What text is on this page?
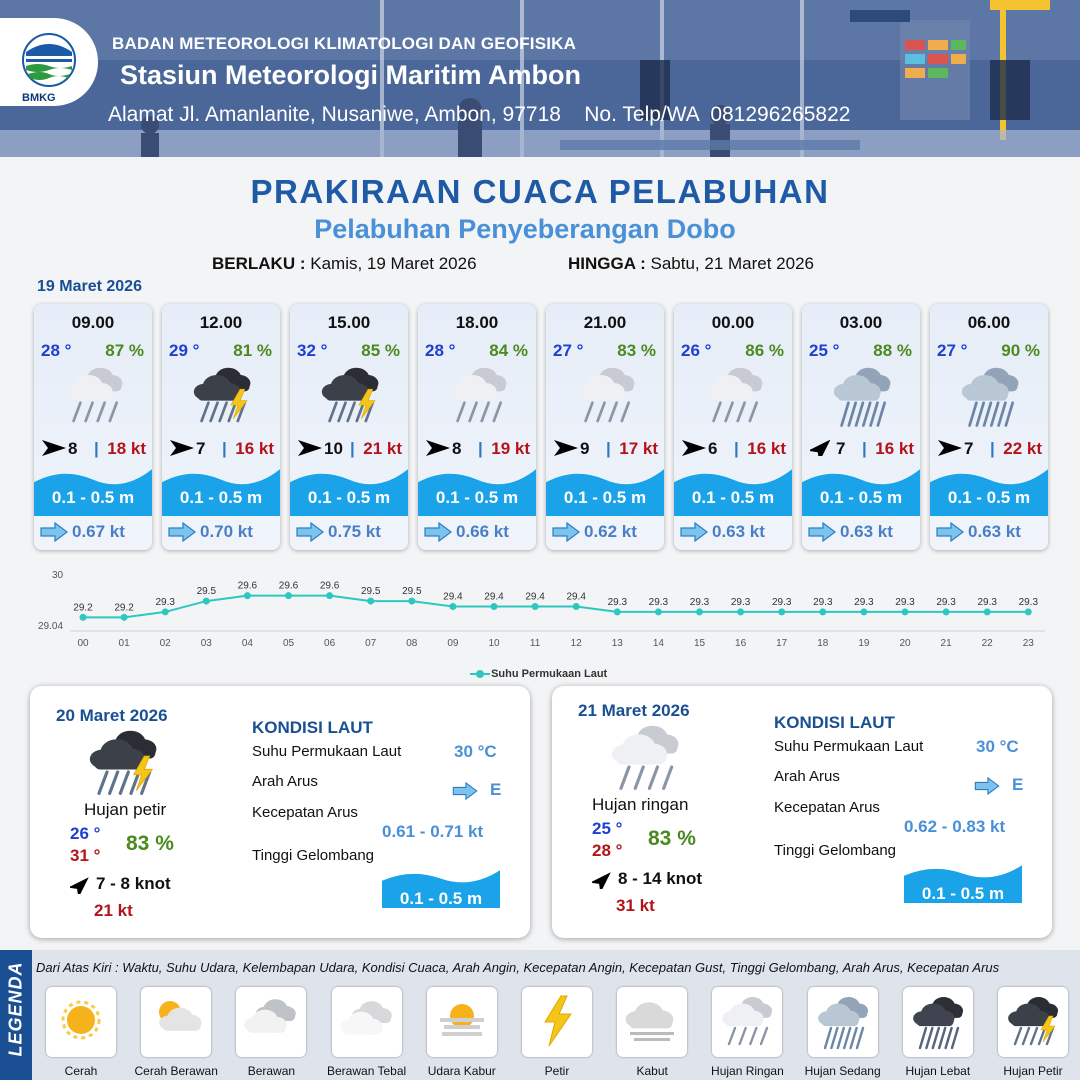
BMKG
BADAN METEOROLOGI KLIMATOLOGI DAN GEOFISIKA
Stasiun Meteorologi Maritim Ambon
Alamat Jl. Amanlanite, Nusaniwe, Ambon, 97718    No. Telp/WA  081296265822
PRAKIRAAN CUACA PELABUHAN
Pelabuhan Penyeberangan Dobo
BERLAKU : Kamis, 19 Maret 2026	HINGGA : Sabtu, 21 Maret 2026
19 Maret 2026
09.00
28 ° 87 %
8 | 18 kt
0.1 - 0.5 m
0.67 kt
12.00
29 ° 81 %
7 | 16 kt
0.1 - 0.5 m
0.70 kt
15.00
32 ° 85 %
10 | 21 kt
0.1 - 0.5 m
0.75 kt
18.00
28 ° 84 %
8 | 19 kt
0.1 - 0.5 m
0.66 kt
21.00
27 ° 83 %
9 | 17 kt
0.1 - 0.5 m
0.62 kt
00.00
26 ° 86 %
6 | 16 kt
0.1 - 0.5 m
0.63 kt
03.00
25 ° 88 %
7 | 16 kt
0.1 - 0.5 m
0.63 kt
06.00
27 ° 90 %
7 | 22 kt
0.1 - 0.5 m
0.63 kt
30
29.04
29.2
00
29.2
01
29.3
02
29.5
03
29.6
04
29.6
05
29.6
06
29.5
07
29.5
08
29.4
09
29.4
10
29.4
11
29.4
12
29.3
13
29.3
14
29.3
15
29.3
16
29.3
17
29.3
18
29.3
19
29.3
20
29.3
21
29.3
22
29.3
23
Suhu Permukaan Laut
20 Maret 2026
Hujan petir
26 °
31 °
83 %
7 - 8 knot
21 kt
KONDISI LAUT
Suhu Permukaan Laut	30 °C
Arah Arus	E
Kecepatan Arus
0.61 - 0.71 kt
Tinggi Gelombang
0.1 - 0.5 m
21 Maret 2026
Hujan ringan
25 °
28 °
83 %
8 - 14 knot
31 kt
KONDISI LAUT
Suhu Permukaan Laut	30 °C
Arah Arus	E
Kecepatan Arus
0.62 - 0.83 kt
Tinggi Gelombang
0.1 - 0.5 m
LEGENDA Dari Atas Kiri : Waktu, Suhu Udara, Kelembapan Udara, Kondisi Cuaca, Arah Angin, Kecepatan Angin, Kecepatan Gust, Tinggi Gelombang, Arah Arus, Kecepatan Arus
Cerah	Cerah Berawan	Berawan	Berawan Tebal	Udara Kabur	Petir	Kabut	Hujan Ringan	Hujan Sedang	Hujan Lebat	Hujan Petir
